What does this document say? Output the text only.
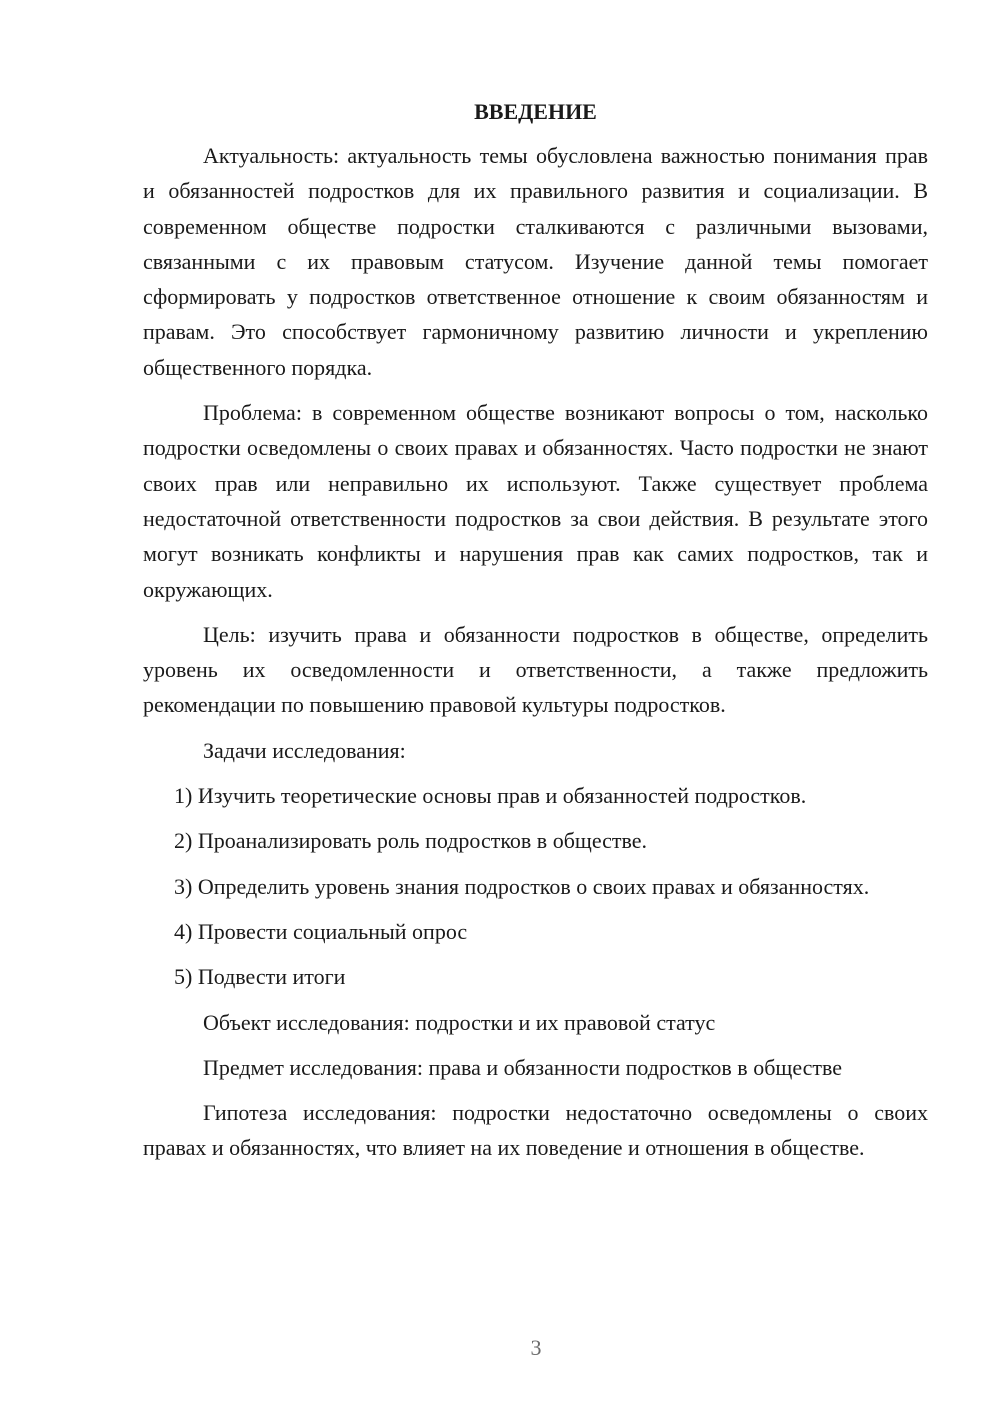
ВВЕДЕНИЕ
Актуальность: актуальность темы обусловлена важностью понимания прав и обязанностей подростков для их правильного развития и социализации. В современном обществе подростки сталкиваются с различными вызовами, связанными с их правовым статусом. Изучение данной темы помогает сформировать у подростков ответственное отношение к своим обязанностям и правам. Это способствует гармоничному развитию личности и укреплению общественного порядка.
Проблема: в современном обществе возникают вопросы о том, насколько подростки осведомлены о своих правах и обязанностях. Часто подростки не знают своих прав или неправильно их используют. Также существует проблема недостаточной ответственности подростков за свои действия. В результате этого могут возникать конфликты и нарушения прав как самих подростков, так и окружающих.
Цель: изучить права и обязанности подростков в обществе, определить уровень их осведомленности и ответственности, а также предложить рекомендации по повышению правовой культуры подростков.
Задачи исследования:
1) Изучить теоретические основы прав и обязанностей подростков.
2) Проанализировать роль подростков в обществе.
3) Определить уровень знания подростков о своих правах и обязанностях.
4) Провести социальный опрос
5) Подвести итоги
Объект исследования: подростки и их правовой статус
Предмет исследования: права и обязанности подростков в обществе
Гипотеза исследования: подростки недостаточно осведомлены о своих правах и обязанностях, что влияет на их поведение и отношения в обществе.
3
